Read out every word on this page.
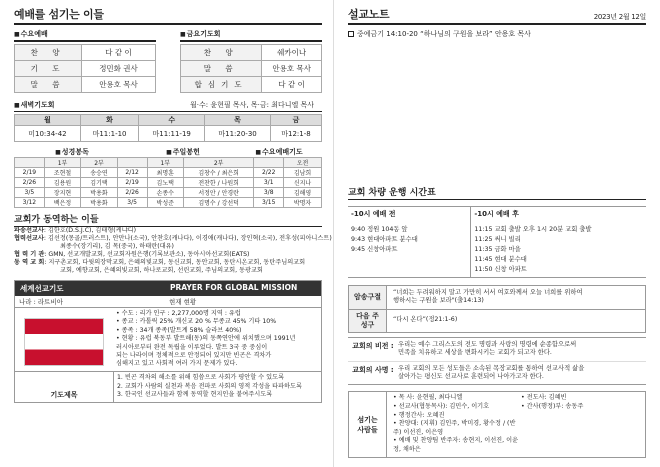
예배를 섬기는 이들
■ 수요예배
찬 양	다 같 이
기 도	정민화 권사
말 씀	안용호 목사
■ 금요기도회
찬 양	쉐카이나
말 씀	안용호 목사
합심기도	다 같 이
■ 새벽기도회	월·수: 윤현필 목사, 목·금: 최다니엘 목사
월	화	수	목	금
미10:34-42	마11:1-10	마11:11-19	마11:20-30	마12:1-8
■ 성경봉독	■ 주일봉헌	■ 수요예배기도
	1부	2부		1부	2부		오전
2/19	조현철	송승연	2/12	최명훈	김창수 / 최은희	2/22	김남희
2/26	김용원	김기택	2/19	김노택	전찬한 / 나원희	3/1	신지나
3/5	장지현	박용화	2/26	손종수	서정안 / 안경란	3/8	김해영
3/12	백은정	박용화	3/5	박성준	김명수 / 강선덕	3/15	박명자
교회가 동역하는 이들
파송선교사: 김한호(D.S.J.C), 김태형(케냐디)
협력선교사: 김선정(몽골/트러스트), 안만나(소국), 안찬호(캐나다), 이경애(캐나다), 장인혁(소국), 전후성(피아니스트)
최종수(장기리), 김 목(중국), 하태란(대유)
협 력 기 관: GMN, 선교개발교회, 선교회자원은행(기록보관소), 동아시아선교회(EATS)
동 역 교 회: 지구촌교회, 다윗의장막교회, 은혜의빛교회, 동신교회, 동안교회, 동탄시온교회, 동탄주님의교회
교회, 예향교회, 은혜의빛교회, 하나로교회, 선린교회, 주님의교회, 동광교회
세계선교기도	PRAYER FOR GLOBAL MISSION
나라 : 라트비아	현재 현황
• 수도 : 리가 인구 : 2,277,000명 지역 : 유럽
• 종교 : 카톨릭 25% 개신교 20 % 무종교 45% 기타 10%
• 종족 : 34개 종족(발트계 58% 슬라브 40%)
• 현황 : 유럽 북동부 발트해(동)의 동쪽연안에 위치했으며 1991년
러시아로부터 완전 독립을 이루었다. 발트 3국 중 중심이
되는 나라이며 정체적으로 안정되어 있지만 빈곤은 격차가
심해지고 있고 사회적 여러 가지 문제가 있다.
기도제목
1. 빈곤 격차의 해소를 위해 힘씀으로 사회가 평안할 수 있도록
2. 교회가 사람의 실천과 복음 전파로 사회의 영적 각성을 타파하도록
3. 한국인 선교사들과 함께 동역할 현지인을 붙여주시도록
설교노트	2023년 2월 12일
중예금기 14:10-20 “하나님의 구원을 보라” 안용호 목사
교회 차량 운행 시간표
-10시 예배 전
9:40 정원 104동 앞
9:43 현대아파트 분수대
9:45 신창아파트
-10시 예배 후
11:15 교회 출발 오후 1시 20분 교회 출발
11:25 써니 빌리
11:35 금화 마을
11:45 현대 분수대
11:50 신창 아파트
암송구절
“너희는 두려워하지 말고 가만히 서서 여호와께서 오늘 너희를 위하여
행하시는 구원을 보라"(출14:13)
다음 주
성구
“다시 온다”(정21:1-6)
교회의 비전 : 우리는 예수 그리스도의 전도 명령과 사랑의 명령에 순종함으로써
민족을 치유하고 세상을 변화시키는 교회가 되고자 한다.
교회의 사명 : 우리 교회의 모든 성도들은 소속된 목장교회를 통하여 선교사적 삶을
살아가는 평신도 선교사로 훈련되어 나아가고자 한다.
섬기는
사람들
• 목 사: 윤현필, 최다니엘	• 전도사: 김혜빈
• 선교사(협동목사): 김민수, 이기호	• 간사(행정)부: 송동주
• 행정간사: 오혜진
• 찬양대: (지휘) 김인주, 박미경, 황수정 / (반주) 이선진, 이은영
• 예배 및 찬양팀 반주자: 송현지, 이선진, 이윤정, 채하은
